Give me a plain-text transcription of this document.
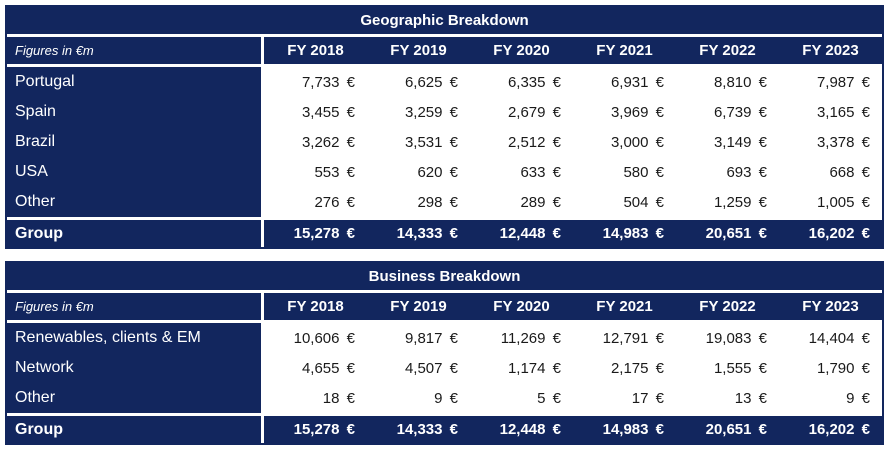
Geographic Breakdown
Figures in €m	FY 2018	FY 2019	FY 2020	FY 2021	FY 2022	FY 2023
Portugal	7,733 €	6,625 €	6,335 €	6,931 €	8,810 €	7,987 €
Spain	3,455 €	3,259 €	2,679 €	3,969 €	6,739 €	3,165 €
Brazil	3,262 €	3,531 €	2,512 €	3,000 €	3,149 €	3,378 €
USA	553 €	620 €	633 €	580 €	693 €	668 €
Other	276 €	298 €	289 €	504 €	1,259 €	1,005 €
Group	15,278 €	14,333 €	12,448 €	14,983 €	20,651 €	16,202 €
Business Breakdown
Figures in €m	FY 2018	FY 2019	FY 2020	FY 2021	FY 2022	FY 2023
Renewables, clients & EM	10,606 €	9,817 €	11,269 €	12,791 €	19,083 €	14,404 €
Network	4,655 €	4,507 €	1,174 €	2,175 €	1,555 €	1,790 €
Other	18 €	9 €	5 €	17 €	13 €	9 €
Group	15,278 €	14,333 €	12,448 €	14,983 €	20,651 €	16,202 €
